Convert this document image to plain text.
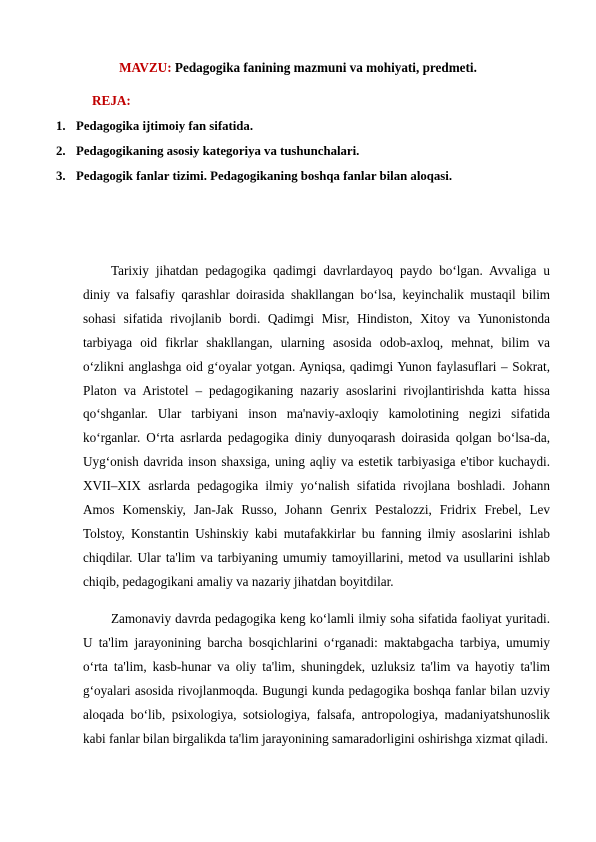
MAVZU: Pedagogika fanining mazmuni va mohiyati, predmeti.
REJA:
1. Pedagogika ijtimoiy fan sifatida.
2. Pedagogikaning asosiy kategoriya va tushunchalari.
3. Pedagogik fanlar tizimi. Pedagogikaning boshqa fanlar bilan aloqasi.

Tarixiy jihatdan pedagogika qadimgi davrlardayoq paydo bo‘lgan. Avvaliga u diniy va falsafiy qarashlar doirasida shakllangan bo‘lsa, keyinchalik mustaqil bilim sohasi sifatida rivojlanib bordi. Qadimgi Misr, Hindiston, Xitoy va Yunonistonda tarbiyaga oid fikrlar shakllangan, ularning asosida odob-axloq, mehnat, bilim va o‘zlikni anglashga oid g‘oyalar yotgan. Ayniqsa, qadimgi Yunon faylasuflari – Sokrat, Platon va Aristotel – pedagogikaning nazariy asoslarini rivojlantirishda katta hissa qo‘shganlar. Ular tarbiyani inson ma'naviy-axloqiy kamolotining negizi sifatida ko‘rganlar. O‘rta asrlarda pedagogika diniy dunyoqarash doirasida qolgan bo‘lsa-da, Uyg‘onish davrida inson shaxsiga, uning aqliy va estetik tarbiyasiga e'tibor kuchaydi. XVII–XIX asrlarda pedagogika ilmiy yo‘nalish sifatida rivojlana boshladi. Johann Amos Komenskiy, Jan-Jak Russo, Johann Genrix Pestalozzi, Fridrix Frebel, Lev Tolstoy, Konstantin Ushinskiy kabi mutafakkirlar bu fanning ilmiy asoslarini ishlab chiqdilar. Ular ta'lim va tarbiyaning umumiy tamoyillarini, metod va usullarini ishlab chiqib, pedagogikani amaliy va nazariy jihatdan boyitdilar.

Zamonaviy davrda pedagogika keng ko‘lamli ilmiy soha sifatida faoliyat yuritadi. U ta'lim jarayonining barcha bosqichlarini o‘rganadi: maktabgacha tarbiya, umumiy o‘rta ta'lim, kasb-hunar va oliy ta'lim, shuningdek, uzluksiz ta'lim va hayotiy ta'lim g‘oyalari asosida rivojlanmoqda. Bugungi kunda pedagogika boshqa fanlar bilan uzviy aloqada bo‘lib, psixologiya, sotsiologiya, falsafa, antropologiya, madaniyatshunoslik kabi fanlar bilan birgalikda ta'lim jarayonining samaradorligini oshirishga xizmat qiladi.
